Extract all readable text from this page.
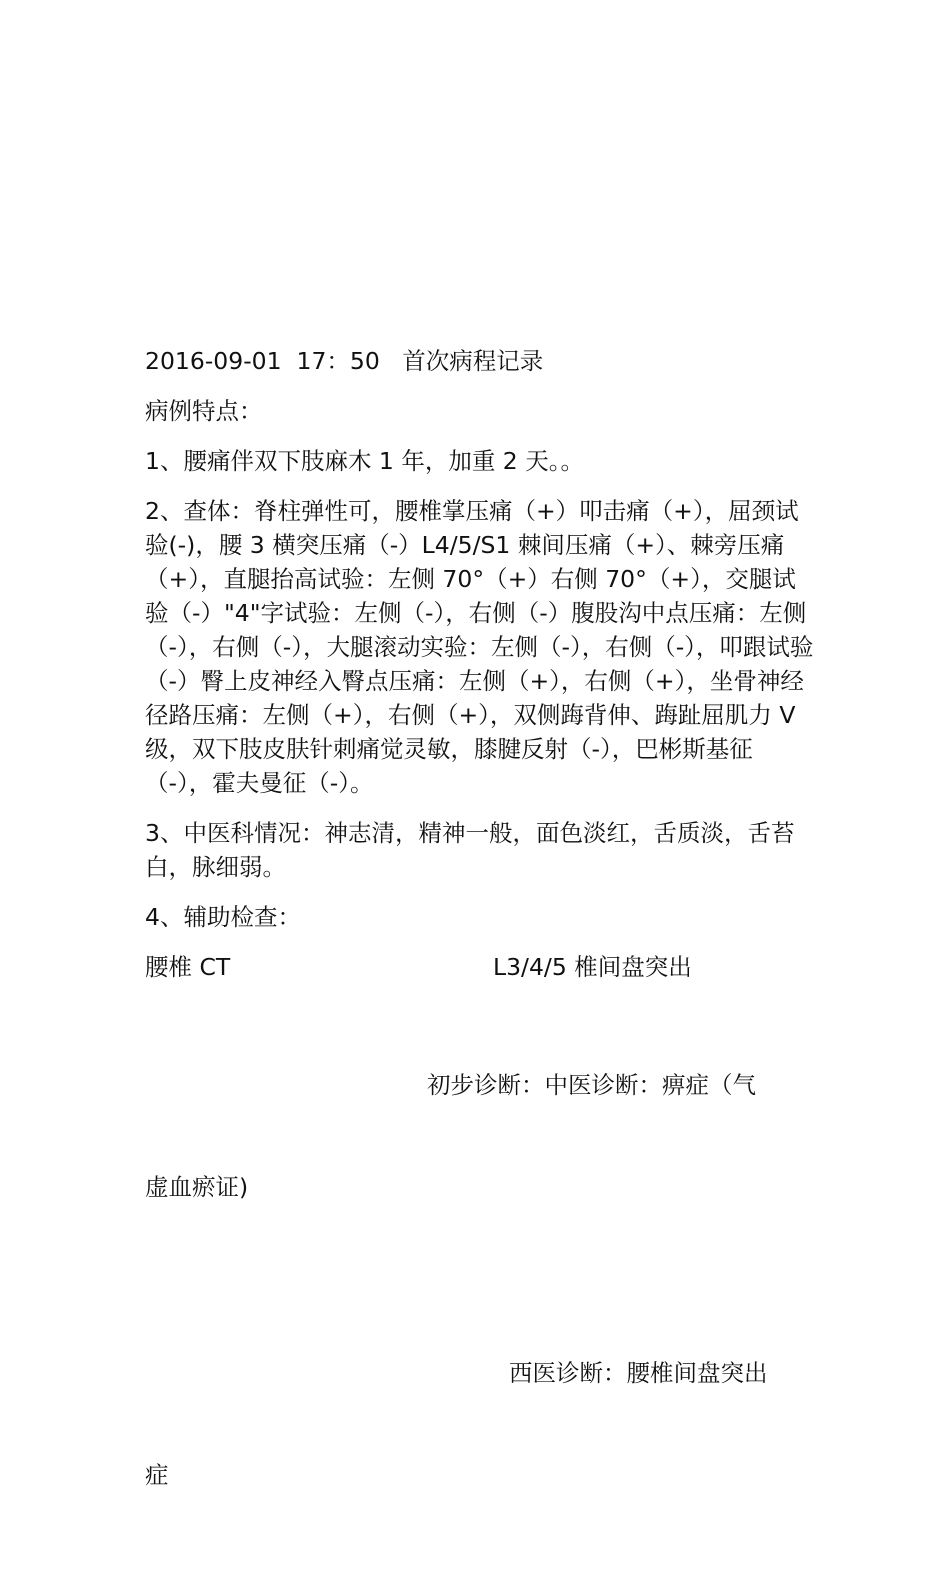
2016-09-01  17：50 首次病程记录

病例特点：

1、腰痛伴双下肢麻木 1 年，加重 2 天。。

2、查体：脊柱弹性可，腰椎掌压痛（+）叩击痛（+），屈颈试验(-)，腰 3 横突压痛（-）L4/5/S1 棘间压痛（+）、棘旁压痛（+），直腿抬高试验：左侧 70°（+）右侧 70°（+），交腿试验（-）"4"字试验：左侧（-），右侧（-）腹股沟中点压痛：左侧（-），右侧（-），大腿滚动实验：左侧（-），右侧（-），叩跟试验（-）臀上皮神经入臀点压痛：左侧（+），右侧（+），坐骨神经径路压痛：左侧（+），右侧（+），双侧踇背伸、踇趾屈肌力 V 级，双下肢皮肤针刺痛觉灵敏，膝腱反射（-），巴彬斯基征（-），霍夫曼征（-）。

3、中医科情况：神志清，精神一般，面色淡红，舌质淡，舌苔白，脉细弱。

4、辅助检查：

腰椎 CT	L3/4/5 椎间盘突出

初步诊断：中医诊断：痹症（气

虚血瘀证)

西医诊断：腰椎间盘突出

症
